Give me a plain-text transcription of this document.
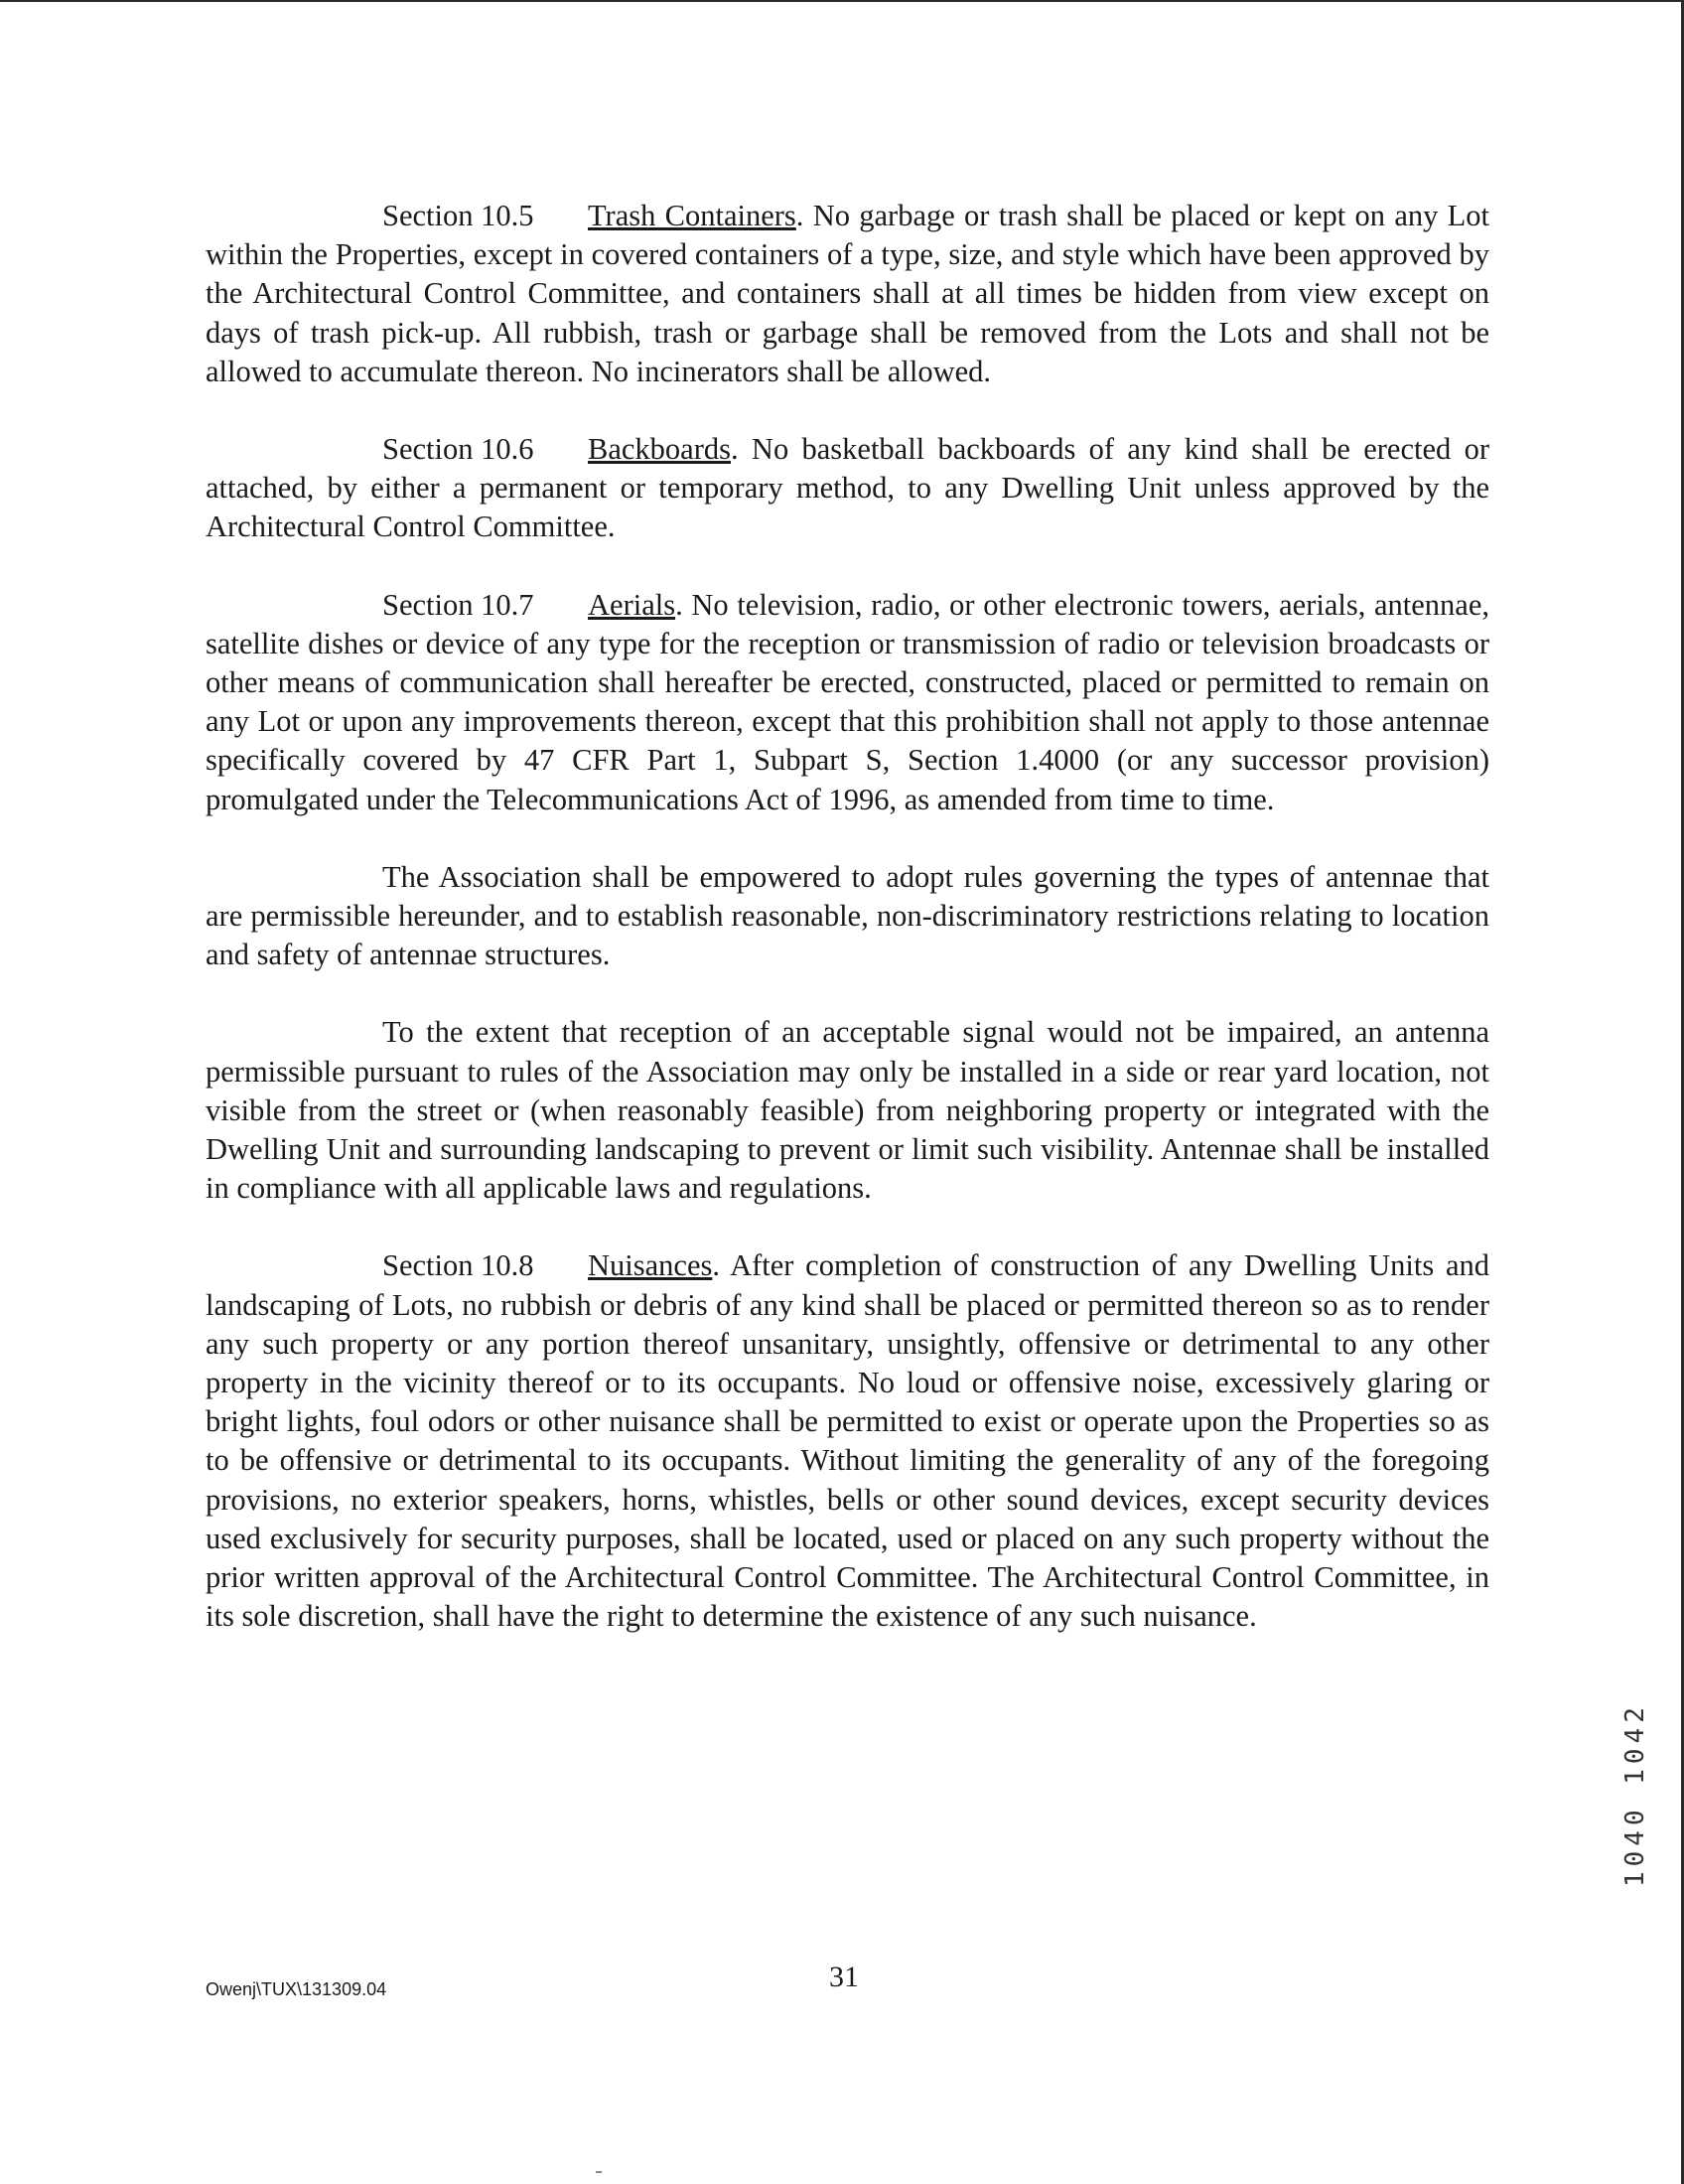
Section 10.5 Trash Containers. No garbage or trash shall be placed or kept on any Lot within the Properties, except in covered containers of a type, size, and style which have been approved by the Architectural Control Committee, and containers shall at all times be hidden from view except on days of trash pick-up. All rubbish, trash or garbage shall be removed from the Lots and shall not be allowed to accumulate thereon. No incinerators shall be allowed.

Section 10.6 Backboards. No basketball backboards of any kind shall be erected or attached, by either a permanent or temporary method, to any Dwelling Unit unless approved by the Architectural Control Committee.

Section 10.7 Aerials. No television, radio, or other electronic towers, aerials, antennae, satellite dishes or device of any type for the reception or transmission of radio or television broadcasts or other means of communication shall hereafter be erected, constructed, placed or permitted to remain on any Lot or upon any improvements thereon, except that this prohibition shall not apply to those antennae specifically covered by 47 CFR Part 1, Subpart S, Section 1.4000 (or any successor provision) promulgated under the Telecommunications Act of 1996, as amended from time to time.

The Association shall be empowered to adopt rules governing the types of antennae that are permissible hereunder, and to establish reasonable, non-discriminatory restrictions relating to location and safety of antennae structures.

To the extent that reception of an acceptable signal would not be impaired, an antenna permissible pursuant to rules of the Association may only be installed in a side or rear yard location, not visible from the street or (when reasonably feasible) from neighboring property or integrated with the Dwelling Unit and surrounding landscaping to prevent or limit such visibility. Antennae shall be installed in compliance with all applicable laws and regulations.

Section 10.8 Nuisances. After completion of construction of any Dwelling Units and landscaping of Lots, no rubbish or debris of any kind shall be placed or permitted thereon so as to render any such property or any portion thereof unsanitary, unsightly, offensive or detrimental to any other property in the vicinity thereof or to its occupants. No loud or offensive noise, excessively glaring or bright lights, foul odors or other nuisance shall be permitted to exist or operate upon the Properties so as to be offensive or detrimental to its occupants. Without limiting the generality of any of the foregoing provisions, no exterior speakers, horns, whistles, bells or other sound devices, except security devices used exclusively for security purposes, shall be located, used or placed on any such property without the prior written approval of the Architectural Control Committee. The Architectural Control Committee, in its sole discretion, shall have the right to determine the existence of any such nuisance.

Owenj\TUX\131309.04	31
1040 1042
